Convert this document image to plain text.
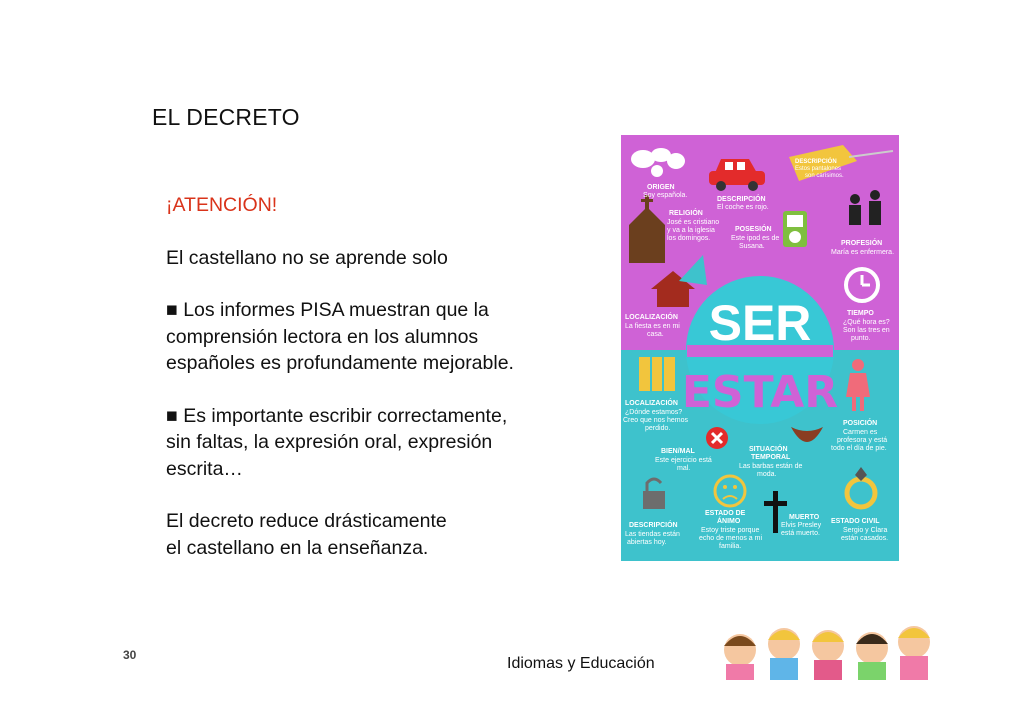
EL DECRETO

¡ATENCIÓN!

El castellano no se aprende solo

■ Los informes PISA muestran que la

comprensión lectora en los alumnos

españoles es profundamente mejorable.

■ Es importante escribir correctamente,

sin faltas, la expresión oral, expresión

escrita…

El decreto reduce drásticamente

el castellano en la enseñanza.

SER
ESTAR
ORIGEN
Soy española.
DESCRIPCIÓN
El coche es rojo.
DESCRIPCIÓN
Estos pantalones
son carísimos.
RELIGIÓN
José es cristiano
y va a la iglesia
los domingos.
POSESIÓN
Este ipod es de
Susana.	PROFESIÓN
María es enfermera.
TIEMPO
¿Qué hora es?
Son las tres en
punto.
LOCALIZACIÓN
La fiesta es en mi
casa.
LOCALIZACIÓN
¿Dónde estamos?
Creo que nos hemos
perdido.
POSICIÓN
Carmen es
profesora y está
todo el día de pie.
BIEN/MAL
Este ejercicio está
mal.
SITUACIÓN
TEMPORAL
Las barbas están de
moda.
DESCRIPCIÓN
Las tiendas están
abiertas hoy.
ESTADO DE
ÁNIMO
Estoy triste porque
echo de menos a mi
familia.
MUERTO
Elvis Presley
está muerto.
ESTADO CIVIL
Sergio y Clara
están casados.
30	Idiomas y Educación
